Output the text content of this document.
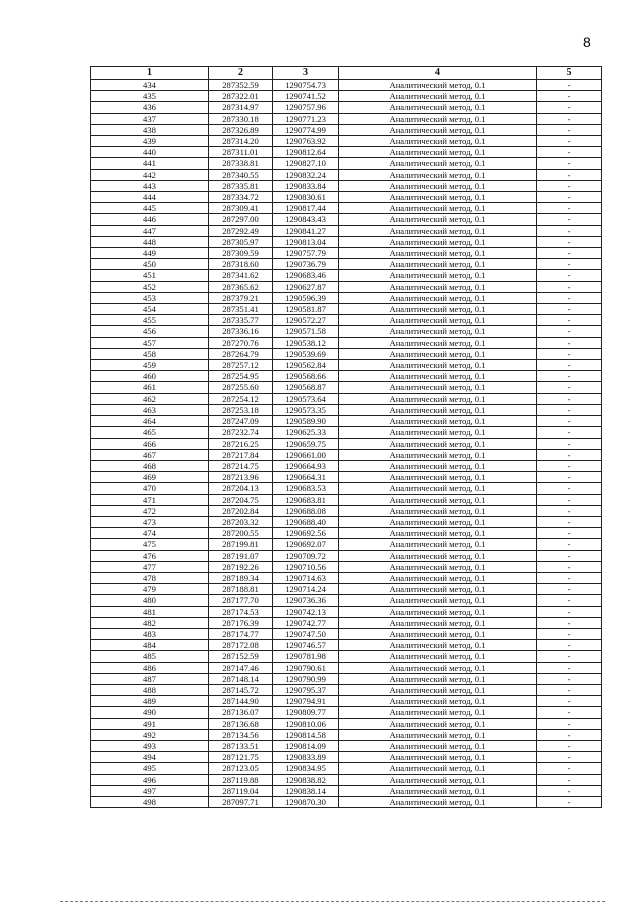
8
1	2	3	4	5
434	287352.59	1290754.73	Аналитический метод, 0.1	-
435	287322.01	1290741.52	Аналитический метод, 0.1	-
436	287314.97	1290757.96	Аналитический метод, 0.1	-
437	287330.18	1290771.23	Аналитический метод, 0.1	-
438	287326.89	1290774.99	Аналитический метод, 0.1	-
439	287314.20	1290763.92	Аналитический метод, 0.1	-
440	287311.01	1290812.64	Аналитический метод, 0.1	-
441	287338.81	1290827.10	Аналитический метод, 0.1	-
442	287340.55	1290832.24	Аналитический метод, 0.1	-
443	287335.81	1290833.84	Аналитический метод, 0.1	-
444	287334.72	1290830.61	Аналитический метод, 0.1	-
445	287309.41	1290817.44	Аналитический метод, 0.1	-
446	287297.00	1290843.43	Аналитический метод, 0.1	-
447	287292.49	1290841.27	Аналитический метод, 0.1	-
448	287305.97	1290813.04	Аналитический метод, 0.1	-
449	287309.59	1290757.79	Аналитический метод, 0.1	-
450	287318.60	1290736.79	Аналитический метод, 0.1	-
451	287341.62	1290683.46	Аналитический метод, 0.1	-
452	287365.62	1290627.87	Аналитический метод, 0.1	-
453	287379.21	1290596.39	Аналитический метод, 0.1	-
454	287351.41	1290581.87	Аналитический метод, 0.1	-
455	287335.77	1290572.27	Аналитический метод, 0.1	-
456	287336.16	1290571.58	Аналитический метод, 0.1	-
457	287270.76	1290538.12	Аналитический метод, 0.1	-
458	287264.79	1290539.69	Аналитический метод, 0.1	-
459	287257.12	1290562.84	Аналитический метод, 0.1	-
460	287254.95	1290568.66	Аналитический метод, 0.1	-
461	287255.60	1290568.87	Аналитический метод, 0.1	-
462	287254.12	1290573.64	Аналитический метод, 0.1	-
463	287253.18	1290573.35	Аналитический метод, 0.1	-
464	287247.09	1290589.90	Аналитический метод, 0.1	-
465	287232.74	1290625.33	Аналитический метод, 0.1	-
466	287216.25	1290659.75	Аналитический метод, 0.1	-
467	287217.84	1290661.00	Аналитический метод, 0.1	-
468	287214.75	1290664.93	Аналитический метод, 0.1	-
469	287213.96	1290664.31	Аналитический метод, 0.1	-
470	287204.13	1290683.53	Аналитический метод, 0.1	-
471	287204.75	1290683.81	Аналитический метод, 0.1	-
472	287202.84	1290688.08	Аналитический метод, 0.1	-
473	287203.32	1290688.40	Аналитический метод, 0.1	-
474	287200.55	1290692.56	Аналитический метод, 0.1	-
475	287199.81	1290692.07	Аналитический метод, 0.1	-
476	287191.07	1290709.72	Аналитический метод, 0.1	-
477	287192.26	1290710.56	Аналитический метод, 0.1	-
478	287189.34	1290714.63	Аналитический метод, 0.1	-
479	287188.81	1290714.24	Аналитический метод, 0.1	-
480	287177.70	1290736.36	Аналитический метод, 0.1	-
481	287174.53	1290742.13	Аналитический метод, 0.1	-
482	287176.39	1290742.77	Аналитический метод, 0.1	-
483	287174.77	1290747.50	Аналитический метод, 0.1	-
484	287172.08	1290746.57	Аналитический метод, 0.1	-
485	287152.59	1290781.98	Аналитический метод, 0.1	-
486	287147.46	1290790.61	Аналитический метод, 0.1	-
487	287148.14	1290790.99	Аналитический метод, 0.1	-
488	287145.72	1290795.37	Аналитический метод, 0.1	-
489	287144.90	1290794.91	Аналитический метод, 0.1	-
490	287136.07	1290809.77	Аналитический метод, 0.1	-
491	287136.68	1290810.06	Аналитический метод, 0.1	-
492	287134.56	1290814.58	Аналитический метод, 0.1	-
493	287133.51	1290814.09	Аналитический метод, 0.1	-
494	287121.75	1290833.89	Аналитический метод, 0.1	-
495	287123.05	1290834.95	Аналитический метод, 0.1	-
496	287119.88	1290838.82	Аналитический метод, 0.1	-
497	287119.04	1290838.14	Аналитический метод, 0.1	-
498	287097.71	1290870.30	Аналитический метод, 0.1	-
